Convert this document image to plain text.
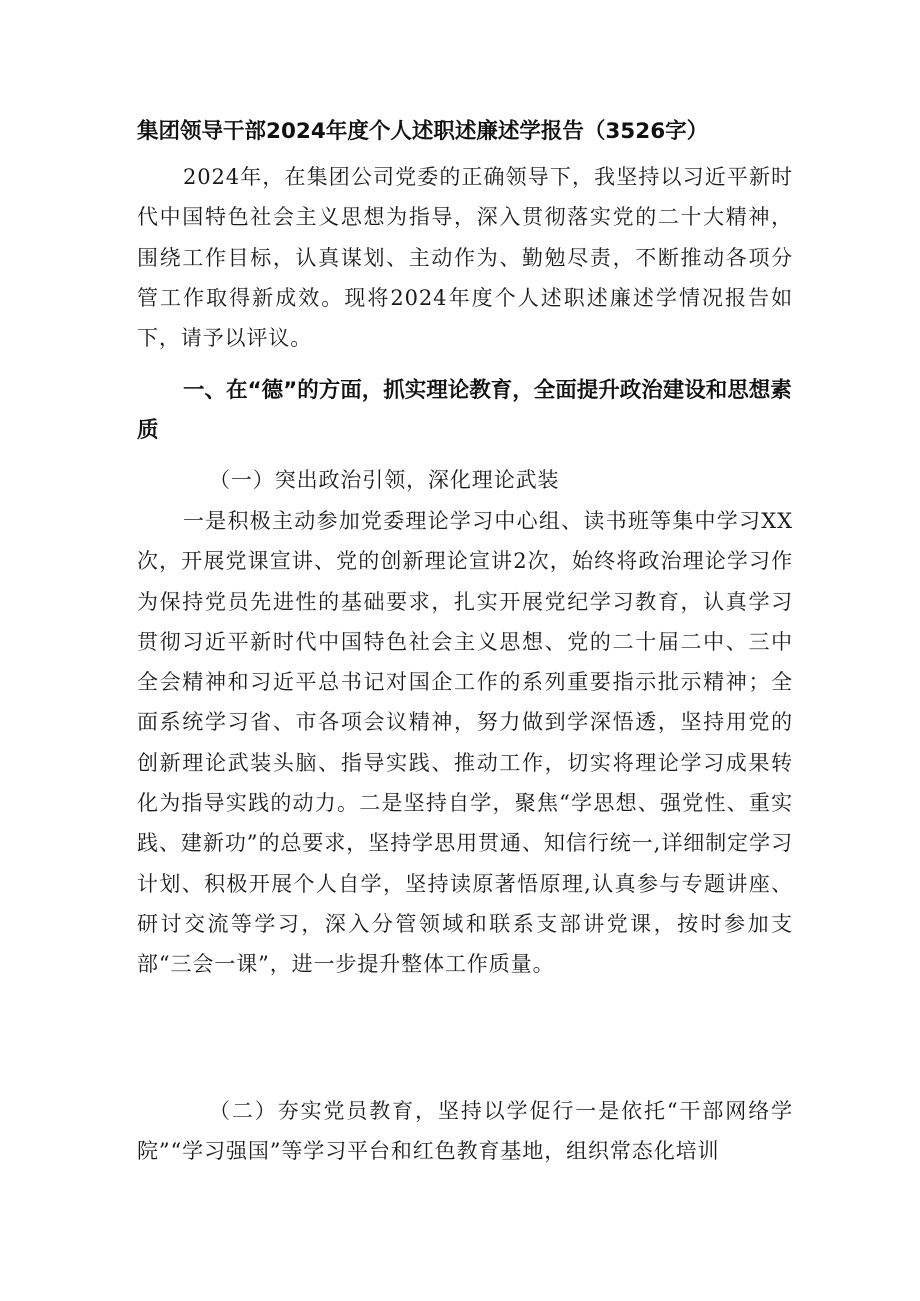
集团领导干部2024年度个人述职述廉述学报告（3526字）
2024年，在集团公司党委的正确领导下，我坚持以习近平新时代中国特色社会主义思想为指导，深入贯彻落实党的二十大精神，围绕工作目标，认真谋划、主动作为、勤勉尽责，不断推动各项分管工作取得新成效。现将2024年度个人述职述廉述学情况报告如下，请予以评议。
一、在“德”的方面，抓实理论教育，全面提升政治建设和思想素质
（一）突出政治引领，深化理论武装
一是积极主动参加党委理论学习中心组、读书班等集中学习XX次，开展党课宣讲、党的创新理论宣讲2次，始终将政治理论学习作为保持党员先进性的基础要求，扎实开展党纪学习教育，认真学习贯彻习近平新时代中国特色社会主义思想、党的二十届二中、三中全会精神和习近平总书记对国企工作的系列重要指示批示精神；全面系统学习省、市各项会议精神，努力做到学深悟透，坚持用党的创新理论武装头脑、指导实践、推动工作，切实将理论学习成果转化为指导实践的动力。二是坚持自学，聚焦“学思想、强党性、重实践、建新功”的总要求，坚持学思用贯通、知信行统一,详细制定学习计划、积极开展个人自学，坚持读原著悟原理,认真参与专题讲座、研讨交流等学习，深入分管领域和联系支部讲党课，按时参加支部“三会一课”，进一步提升整体工作质量。
（二）夯实党员教育，坚持以学促行一是依托“干部网络学院”“学习强国”等学习平台和红色教育基地，组织常态化培训
